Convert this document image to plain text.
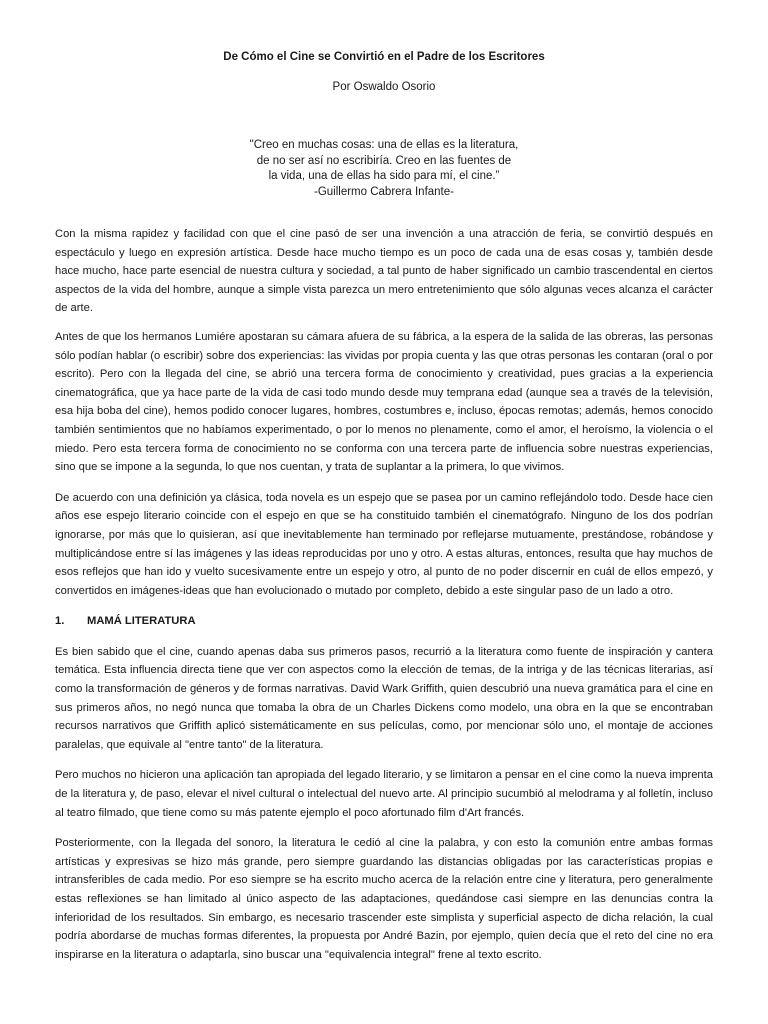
De Cómo el Cine se Convirtió en el Padre de los Escritores
Por Oswaldo Osorio
"Creo en muchas cosas: una de ellas es la literatura,
de no ser así no escribiría. Creo en las fuentes de
la vida, una de ellas ha sido para mí, el cine.”
-Guillermo Cabrera Infante-

Con la misma rapidez y facilidad con que el cine pasó de ser una invención a una atracción de feria, se convirtió después en espectáculo y luego en expresión artística. Desde hace mucho tiempo es un poco de cada una de esas cosas y, también desde hace mucho, hace parte esencial de nuestra cultura y sociedad, a tal punto de haber significado un cambio trascendental en ciertos aspectos de la vida del hombre, aunque a simple vista parezca un mero entretenimiento que sólo algunas veces alcanza el carácter de arte.

Antes de que los hermanos Lumiére apostaran su cámara afuera de su fábrica, a la espera de la salida de las obreras, las personas sólo podían hablar (o escribir) sobre dos experiencias: las vividas por propia cuenta y las que otras personas les contaran (oral o por escrito). Pero con la llegada del cine, se abrió una tercera forma de conocimiento y creatividad, pues gracias a la experiencia cinematográfica, que ya hace parte de la vida de casi todo mundo desde muy temprana edad (aunque sea a través de la televisión, esa hija boba del cine), hemos podido conocer lugares, hombres, costumbres e, incluso, épocas remotas; además, hemos conocido también sentimientos que no habíamos experimentado, o por lo menos no plenamente, como el amor, el heroísmo, la violencia o el miedo. Pero esta tercera forma de conocimiento no se conforma con una tercera parte de influencia sobre nuestras experiencias, sino que se impone a la segunda, lo que nos cuentan, y trata de suplantar a la primera, lo que vivimos.

De acuerdo con una definición ya clásica, toda novela es un espejo que se pasea por un camino reflejándolo todo. Desde hace cien años ese espejo literario coincide con el espejo en que se ha constituido también el cinematógrafo. Ninguno de los dos podrían ignorarse, por más que lo quisieran, así que inevitablemente han terminado por reflejarse mutuamente, prestándose, robándose y multiplicándose entre sí las imágenes y las ideas reproducidas por uno y otro. A estas alturas, entonces, resulta que hay muchos de esos reflejos que han ido y vuelto sucesivamente entre un espejo y otro, al punto de no poder discernir en cuál de ellos empezó, y convertidos en imágenes-ideas que han evolucionado o mutado por completo, debido a este singular paso de un lado a otro.

1.	MAMÁ LITERATURA

Es bien sabido que el cine, cuando apenas daba sus primeros pasos, recurrió a la literatura como fuente de inspiración y cantera temática. Esta influencia directa tiene que ver con aspectos como la elección de temas, de la intriga y de las técnicas literarias, así como la transformación de géneros y de formas narrativas. David Wark Griffith, quien descubrió una nueva gramática para el cine en sus primeros años, no negó nunca que tomaba la obra de un Charles Dickens como modelo, una obra en la que se encontraban recursos narrativos que Griffith aplicó sistemáticamente en sus películas, como, por mencionar sólo uno, el montaje de acciones paralelas, que equivale al "entre tanto" de la literatura.

Pero muchos no hicieron una aplicación tan apropiada del legado literario, y se limitaron a pensar en el cine como la nueva imprenta de la literatura y, de paso, elevar el nivel cultural o intelectual del nuevo arte. Al principio sucumbió al melodrama y al folletín, incluso al teatro filmado, que tiene como su más patente ejemplo el poco afortunado film d'Art francés.

Posteriormente, con la llegada del sonoro, la literatura le cedió al cine la palabra, y con esto la comunión entre ambas formas artísticas y expresivas se hizo más grande, pero siempre guardando las distancias obligadas por las características propias e intransferibles de cada medio. Por eso siempre se ha escrito mucho acerca de la relación entre cine y literatura, pero generalmente estas reflexiones se han limitado al único aspecto de las adaptaciones, quedándose casi siempre en las denuncias contra la inferioridad de los resultados. Sin embargo, es necesario trascender este simplista y superficial aspecto de dicha relación, la cual podría abordarse de muchas formas diferentes, la propuesta por André Bazin, por ejemplo, quien decía que el reto del cine no era inspirarse en la literatura o adaptarla, sino buscar una "equivalencia integral" frene al texto escrito.
